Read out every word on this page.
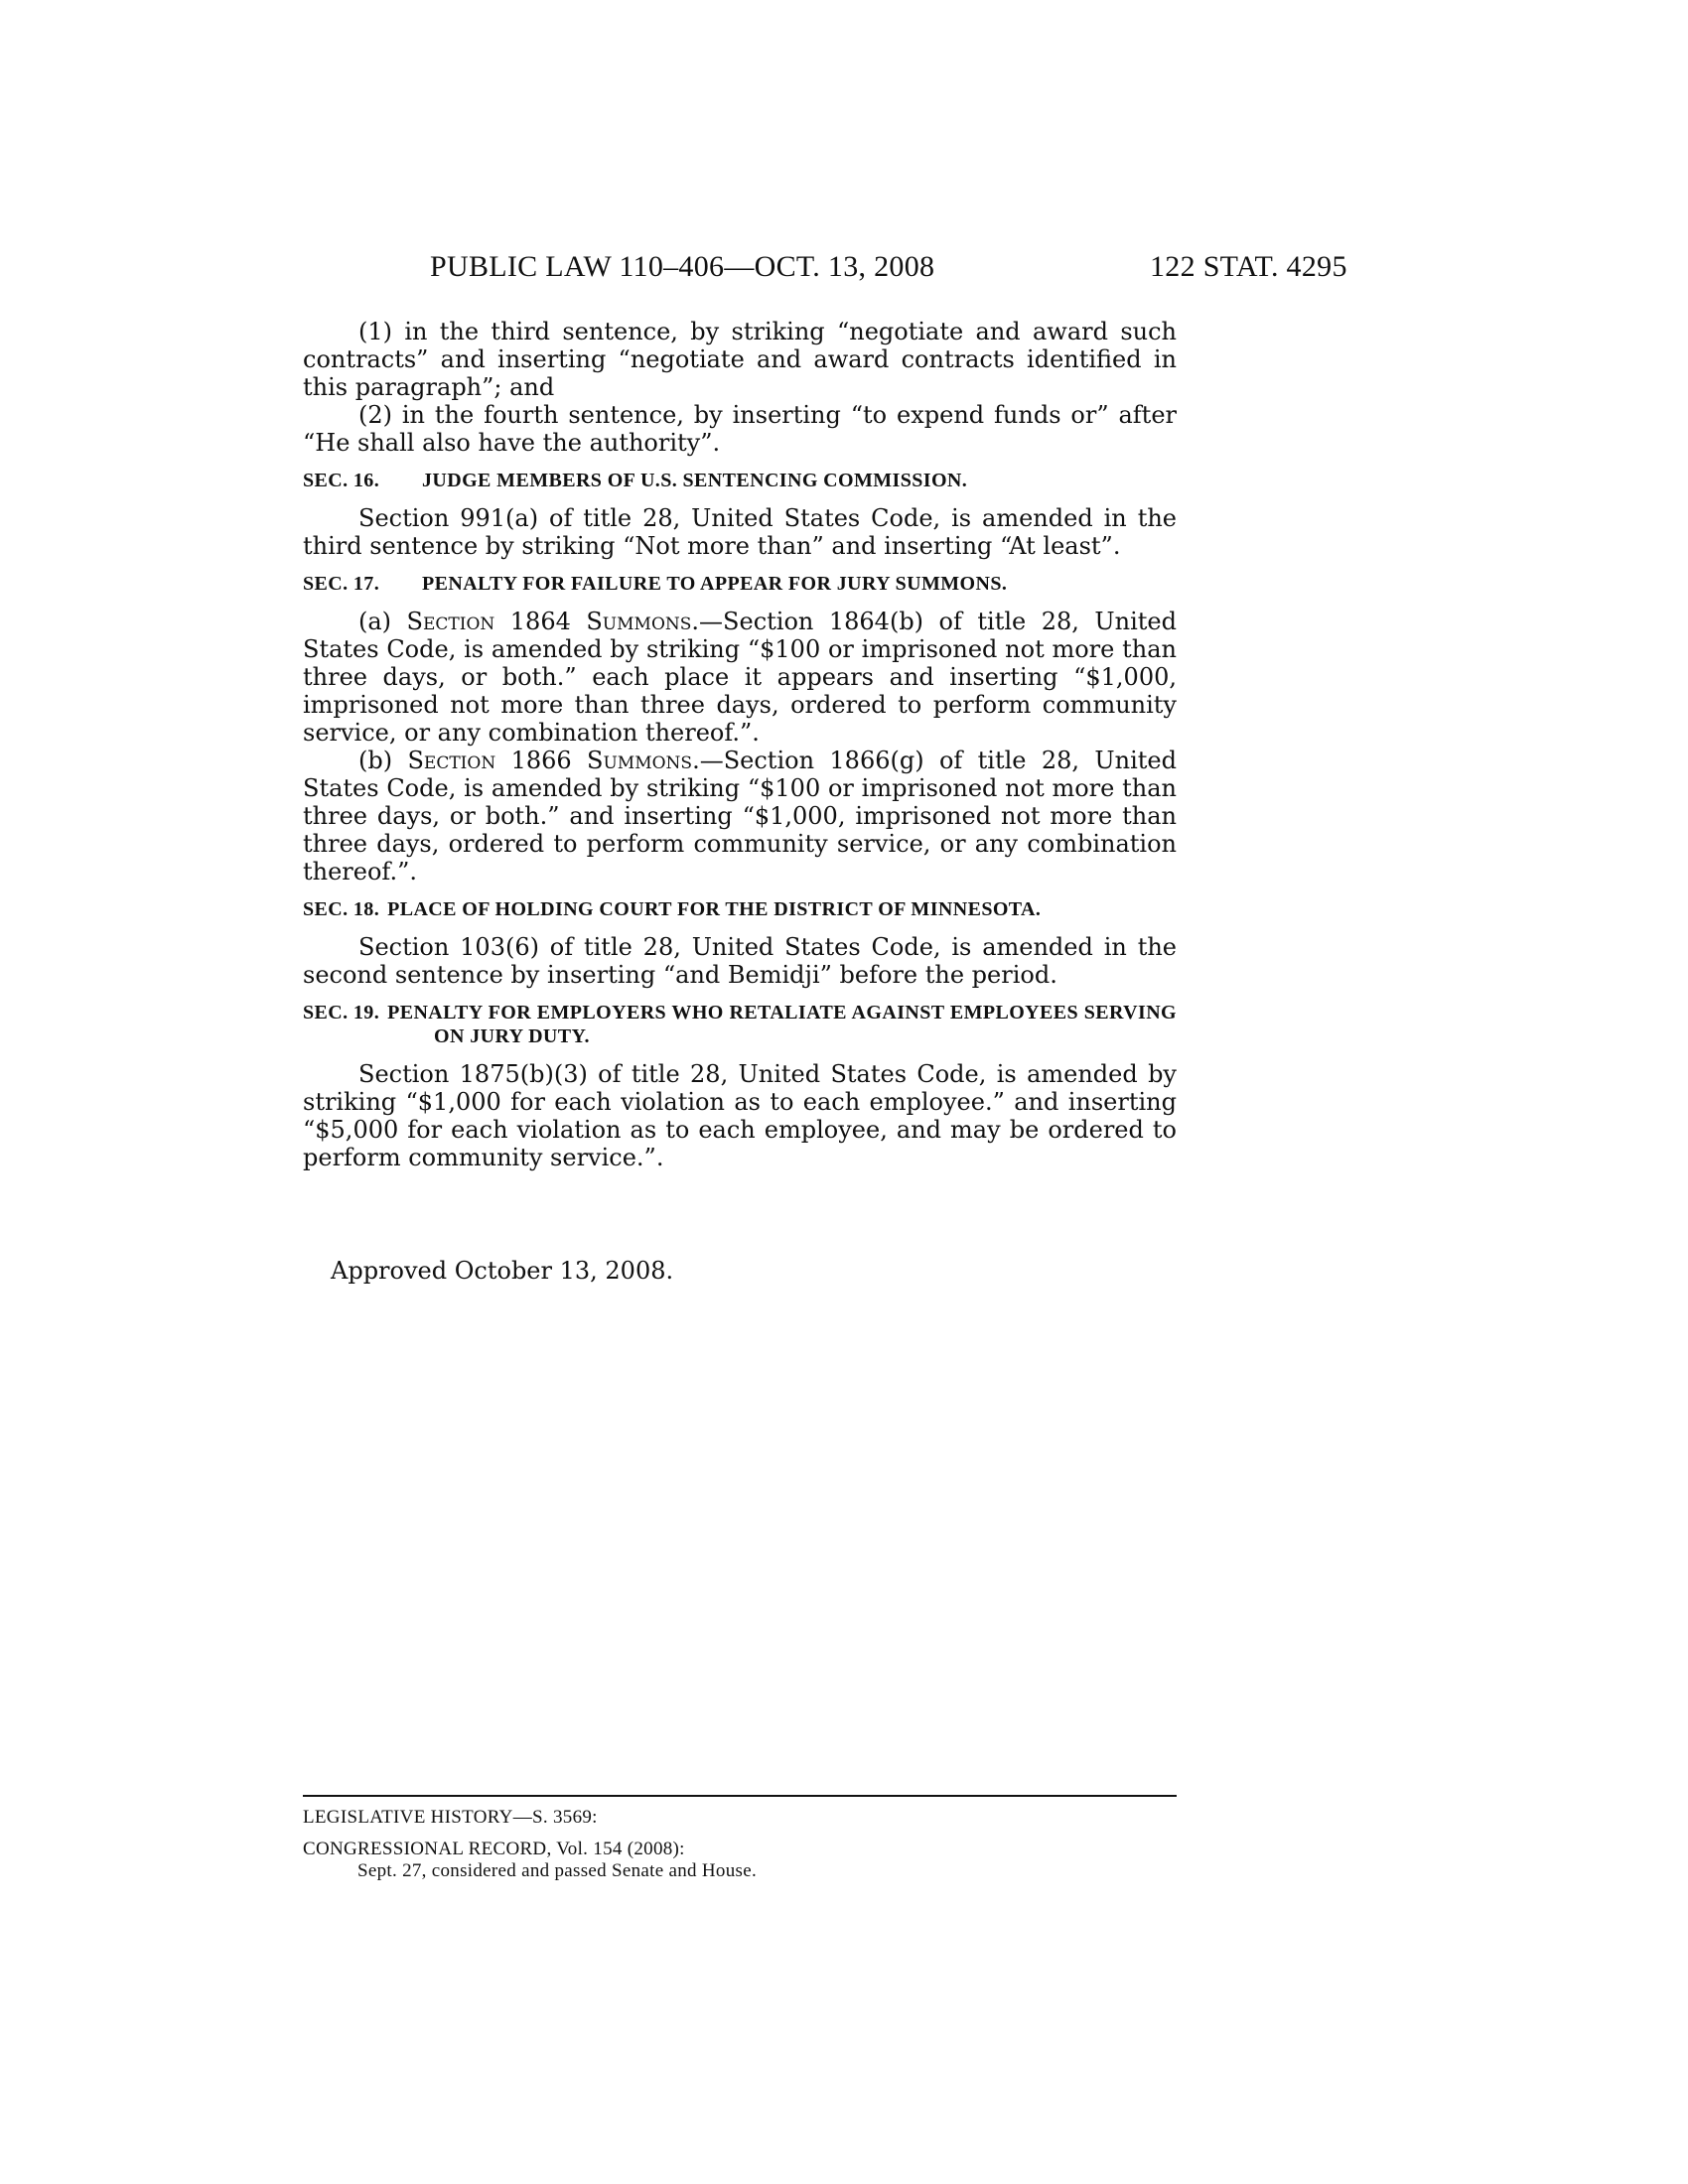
PUBLIC LAW 110–406—OCT. 13, 2008	122 STAT. 4295

(1) in the third sentence, by striking “negotiate and award such contracts” and inserting “negotiate and award contracts identified in this paragraph”; and

(2) in the fourth sentence, by inserting “to expend funds or” after “He shall also have the authority”.

SEC. 16. JUDGE MEMBERS OF U.S. SENTENCING COMMISSION.

Section 991(a) of title 28, United States Code, is amended in the third sentence by striking “Not more than” and inserting “At least”.

SEC. 17. PENALTY FOR FAILURE TO APPEAR FOR JURY SUMMONS.

(a) Section 1864 Summons.—Section 1864(b) of title 28, United States Code, is amended by striking “$100 or imprisoned not more than three days, or both.” each place it appears and inserting “$1,000, imprisoned not more than three days, ordered to perform community service, or any combination thereof.”.

(b) Section 1866 Summons.—Section 1866(g) of title 28, United States Code, is amended by striking “$100 or imprisoned not more than three days, or both.” and inserting “$1,000, imprisoned not more than three days, ordered to perform community service, or any combination thereof.”.

SEC. 18. PLACE OF HOLDING COURT FOR THE DISTRICT OF MINNESOTA.

Section 103(6) of title 28, United States Code, is amended in the second sentence by inserting “and Bemidji” before the period.

SEC. 19. PENALTY FOR EMPLOYERS WHO RETALIATE AGAINST EMPLOYEES SERVING ON JURY DUTY.

Section 1875(b)(3) of title 28, United States Code, is amended by striking “$1,000 for each violation as to each employee.” and inserting “$5,000 for each violation as to each employee, and may be ordered to perform community service.”.

Approved October 13, 2008.
LEGISLATIVE HISTORY—S. 3569:
CONGRESSIONAL RECORD, Vol. 154 (2008):
Sept. 27, considered and passed Senate and House.
